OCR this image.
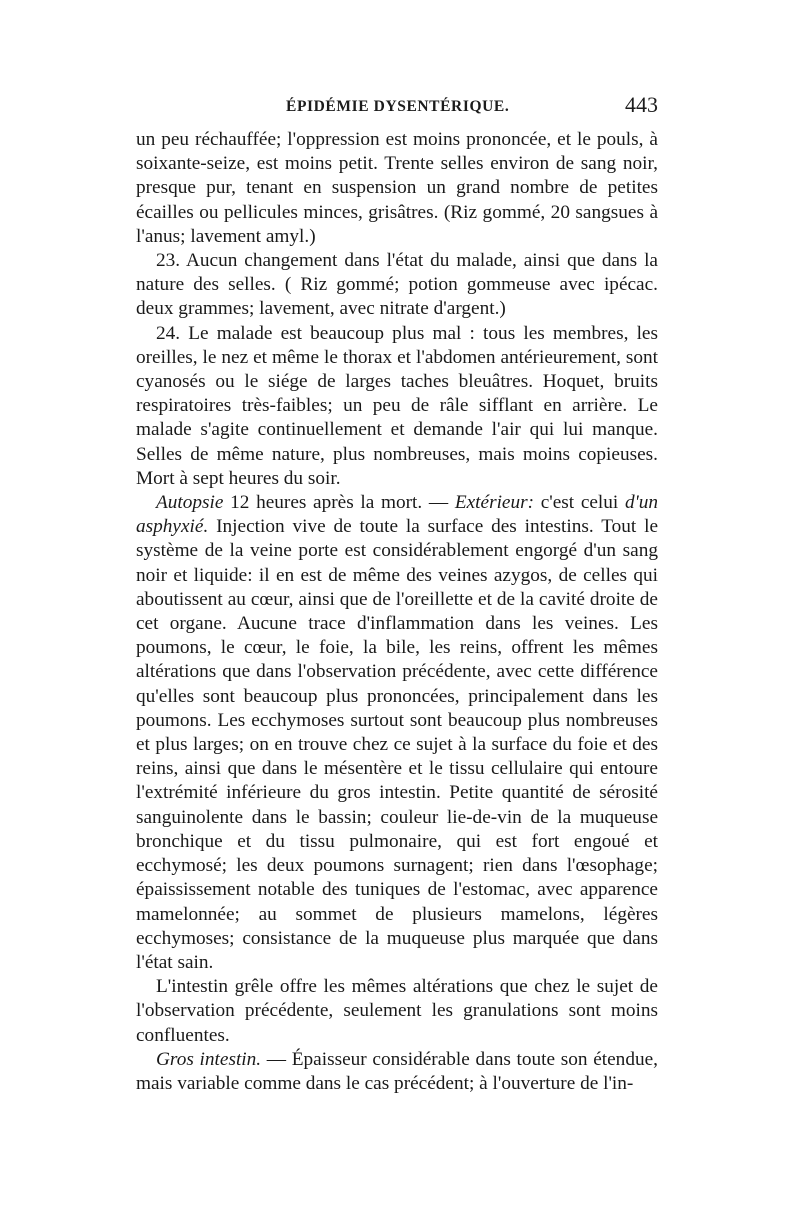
ÉPIDÉMIE DYSENTÉRIQUE.	443

un peu réchauffée; l'oppression est moins prononcée, et le pouls, à soixante-seize, est moins petit. Trente selles environ de sang noir, presque pur, tenant en suspension un grand nombre de petites écailles ou pellicules minces, grisâtres. (Riz gommé, 20 sangsues à l'anus; lavement amyl.)

23. Aucun changement dans l'état du malade, ainsi que dans la nature des selles. ( Riz gommé; potion gommeuse avec ipécac. deux grammes; lavement, avec nitrate d'argent.)

24. Le malade est beaucoup plus mal : tous les membres, les oreilles, le nez et même le thorax et l'abdomen antérieurement, sont cyanosés ou le siége de larges taches bleuâtres. Hoquet, bruits respiratoires très-faibles; un peu de râle sifflant en arrière. Le malade s'agite continuellement et demande l'air qui lui manque. Selles de même nature, plus nombreuses, mais moins copieuses. Mort à sept heures du soir.

Autopsie 12 heures après la mort. — Extérieur: c'est celui d'un asphyxié. Injection vive de toute la surface des intestins. Tout le système de la veine porte est considérablement engorgé d'un sang noir et liquide: il en est de même des veines azygos, de celles qui aboutissent au cœur, ainsi que de l'oreillette et de la cavité droite de cet organe. Aucune trace d'inflammation dans les veines. Les poumons, le cœur, le foie, la bile, les reins, offrent les mêmes altérations que dans l'observation précédente, avec cette différence qu'elles sont beaucoup plus prononcées, principalement dans les poumons. Les ecchymoses surtout sont beaucoup plus nombreuses et plus larges; on en trouve chez ce sujet à la surface du foie et des reins, ainsi que dans le mésentère et le tissu cellulaire qui entoure l'extrémité inférieure du gros intestin. Petite quantité de sérosité sanguinolente dans le bassin; couleur lie-de-vin de la muqueuse bronchique et du tissu pulmonaire, qui est fort engoué et ecchymosé; les deux poumons surnagent; rien dans l'œsophage; épaississement notable des tuniques de l'estomac, avec apparence mamelonnée; au sommet de plusieurs mamelons, légères ecchymoses; consistance de la muqueuse plus marquée que dans l'état sain.

L'intestin grêle offre les mêmes altérations que chez le sujet de l'observation précédente, seulement les granulations sont moins confluentes.

Gros intestin. — Épaisseur considérable dans toute son étendue, mais variable comme dans le cas précédent; à l'ouverture de l'in-
